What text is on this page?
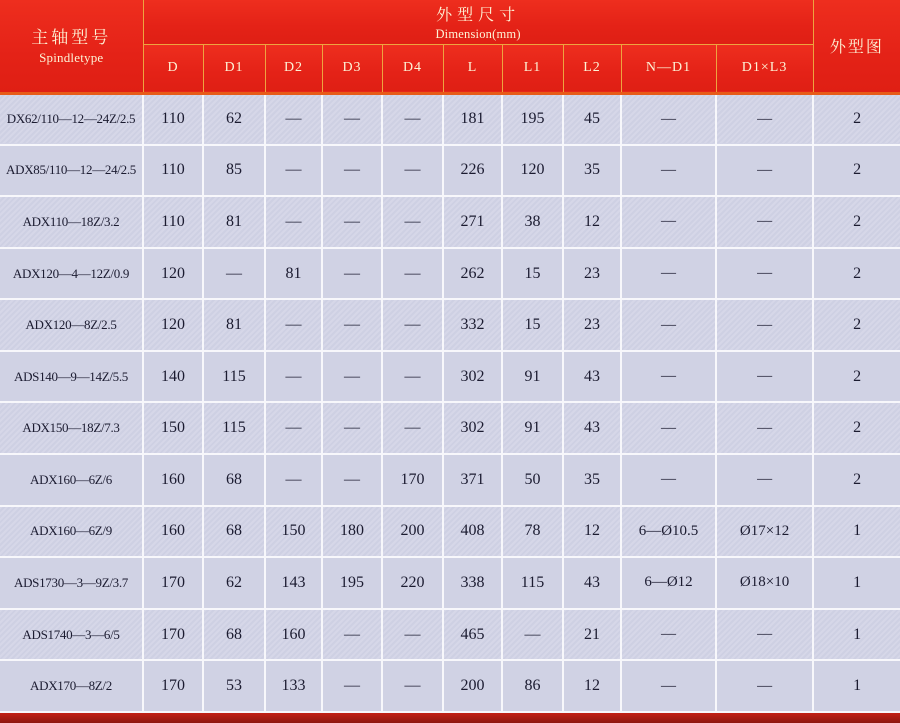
主轴型号
Spindletype

外型尺寸
Dimension(mm)
	外型图
	D	D1	D2	D3	D4	L	L1	L2	N—D1	D1×L3	
DX62/110—12—24Z/2.5	110	62	—	—	—	181	195	45	—	—	2
ADX85/110—12—24/2.5	110	85	—	—	—	226	120	35	—	—	2
ADX110—18Z/3.2	110	81	—	—	—	271	38	12	—	—	2
ADX120—4—12Z/0.9	120	—	81	—	—	262	15	23	—	—	2
ADX120—8Z/2.5	120	81	—	—	—	332	15	23	—	—	2
ADS140—9—14Z/5.5	140	115	—	—	—	302	91	43	—	—	2
ADX150—18Z/7.3	150	115	—	—	—	302	91	43	—	—	2
ADX160—6Z/6	160	68	—	—	170	371	50	35	—	—	2
ADX160—6Z/9	160	68	150	180	200	408	78	12	6—Ø10.5	Ø17×12	1
ADS1730—3—9Z/3.7	170	62	143	195	220	338	115	43	6—Ø12	Ø18×10	1
ADS1740—3—6/5	170	68	160	—	—	465	—	21	—	—	1
ADX170—8Z/2	170	53	133	—	—	200	86	12	—	—	1
